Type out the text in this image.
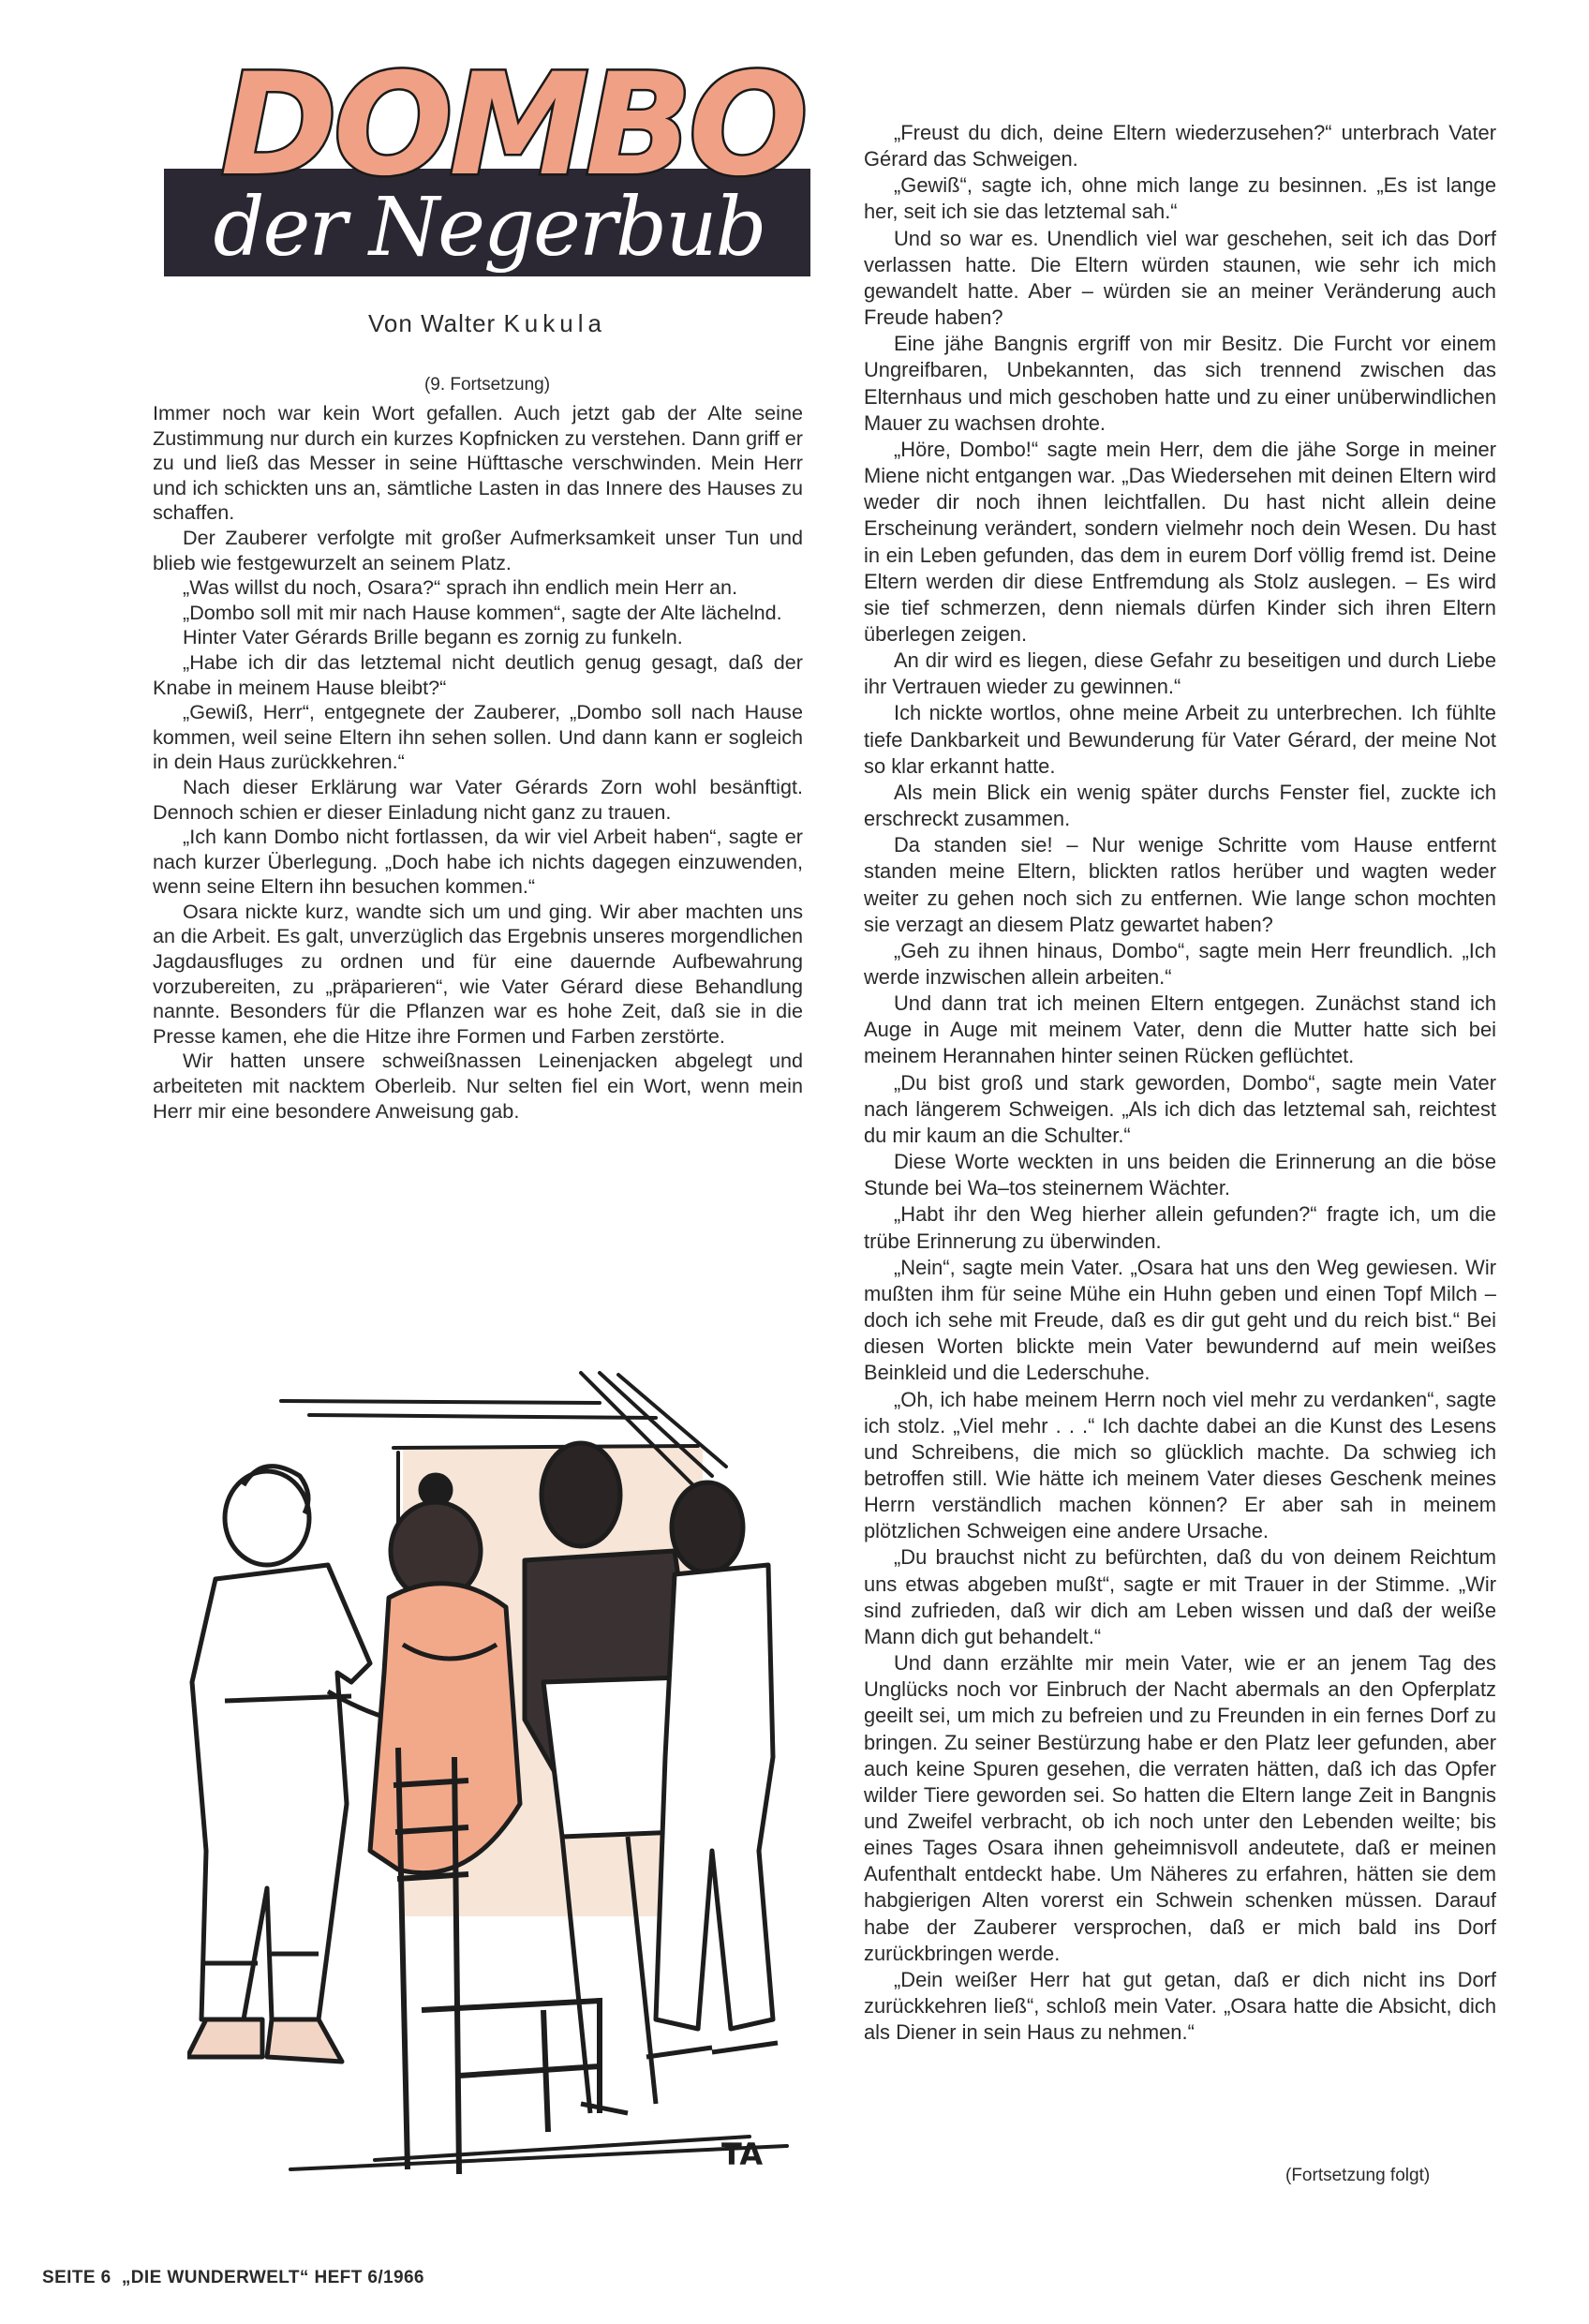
DOMBO
der Negerbub
Von Walter Kukula
(9. Fortsetzung)

Immer noch war kein Wort gefallen. Auch jetzt gab der Alte seine Zustimmung nur durch ein kurzes Kopfnicken zu verstehen. Dann griff er zu und ließ das Messer in seine Hüfttasche verschwinden. Mein Herr und ich schickten uns an, sämtliche Lasten in das Innere des Hauses zu schaffen.

Der Zauberer verfolgte mit großer Aufmerksamkeit unser Tun und blieb wie festgewurzelt an seinem Platz.

„Was willst du noch, Osara?“ sprach ihn endlich mein Herr an.

„Dombo soll mit mir nach Hause kommen“, sagte der Alte lächelnd.

Hinter Vater Gérards Brille begann es zornig zu funkeln.

„Habe ich dir das letztemal nicht deutlich genug gesagt, daß der Knabe in meinem Hause bleibt?“

„Gewiß, Herr“, entgegnete der Zauberer, „Dombo soll nach Hause kommen, weil seine Eltern ihn sehen sollen. Und dann kann er sogleich in dein Haus zurückkehren.“

Nach dieser Erklärung war Vater Gérards Zorn wohl besänftigt. Dennoch schien er dieser Einladung nicht ganz zu trauen.

„Ich kann Dombo nicht fortlassen, da wir viel Arbeit haben“, sagte er nach kurzer Überlegung. „Doch habe ich nichts dagegen einzuwenden, wenn seine Eltern ihn besuchen kommen.“

Osara nickte kurz, wandte sich um und ging. Wir aber machten uns an die Arbeit. Es galt, unverzüglich das Ergebnis unseres morgendlichen Jagdausfluges zu ordnen und für eine dauernde Aufbewahrung vorzubereiten, zu „präparieren“, wie Vater Gérard diese Behandlung nannte. Besonders für die Pflanzen war es hohe Zeit, daß sie in die Presse kamen, ehe die Hitze ihre Formen und Farben zerstörte.

Wir hatten unsere schweißnassen Leinenjacken abgelegt und arbeiteten mit nacktem Oberleib. Nur selten fiel ein Wort, wenn mein Herr mir eine besondere Anweisung gab.

TA

„Freust du dich, deine Eltern wiederzusehen?“ unterbrach Vater Gérard das Schweigen.

„Gewiß“, sagte ich, ohne mich lange zu besinnen. „Es ist lange her, seit ich sie das letztemal sah.“

Und so war es. Unendlich viel war geschehen, seit ich das Dorf verlassen hatte. Die Eltern würden staunen, wie sehr ich mich gewandelt hatte. Aber – würden sie an meiner Veränderung auch Freude haben?

Eine jähe Bangnis ergriff von mir Besitz. Die Furcht vor einem Ungreifbaren, Unbekannten, das sich trennend zwischen das Elternhaus und mich geschoben hatte und zu einer unüberwindlichen Mauer zu wachsen drohte.

„Höre, Dombo!“ sagte mein Herr, dem die jähe Sorge in meiner Miene nicht entgangen war. „Das Wiedersehen mit deinen Eltern wird weder dir noch ihnen leichtfallen. Du hast nicht allein deine Erscheinung verändert, sondern vielmehr noch dein Wesen. Du hast in ein Leben gefunden, das dem in eurem Dorf völlig fremd ist. Deine Eltern werden dir diese Entfremdung als Stolz auslegen. – Es wird sie tief schmerzen, denn niemals dürfen Kinder sich ihren Eltern überlegen zeigen.

An dir wird es liegen, diese Gefahr zu beseitigen und durch Liebe ihr Vertrauen wieder zu gewinnen.“

Ich nickte wortlos, ohne meine Arbeit zu unterbrechen. Ich fühlte tiefe Dankbarkeit und Bewunderung für Vater Gérard, der meine Not so klar erkannt hatte.

Als mein Blick ein wenig später durchs Fenster fiel, zuckte ich erschreckt zusammen.

Da standen sie! – Nur wenige Schritte vom Hause entfernt standen meine Eltern, blickten ratlos herüber und wagten weder weiter zu gehen noch sich zu entfernen. Wie lange schon mochten sie verzagt an diesem Platz gewartet haben?

„Geh zu ihnen hinaus, Dombo“, sagte mein Herr freundlich. „Ich werde inzwischen allein arbeiten.“

Und dann trat ich meinen Eltern entgegen. Zunächst stand ich Auge in Auge mit meinem Vater, denn die Mutter hatte sich bei meinem Herannahen hinter seinen Rücken geflüchtet.

„Du bist groß und stark geworden, Dombo“, sagte mein Vater nach längerem Schweigen. „Als ich dich das letztemal sah, reichtest du mir kaum an die Schulter.“

Diese Worte weckten in uns beiden die Erinnerung an die böse Stunde bei Wa–tos steinernem Wächter.

„Habt ihr den Weg hierher allein gefunden?“ fragte ich, um die trübe Erinnerung zu überwinden.

„Nein“, sagte mein Vater. „Osara hat uns den Weg gewiesen. Wir mußten ihm für seine Mühe ein Huhn geben und einen Topf Milch – doch ich sehe mit Freude, daß es dir gut geht und du reich bist.“ Bei diesen Worten blickte mein Vater bewundernd auf mein weißes Beinkleid und die Lederschuhe.

„Oh, ich habe meinem Herrn noch viel mehr zu verdanken“, sagte ich stolz. „Viel mehr . . .“ Ich dachte dabei an die Kunst des Lesens und Schreibens, die mich so glücklich machte. Da schwieg ich betroffen still. Wie hätte ich meinem Vater dieses Geschenk meines Herrn verständlich machen können? Er aber sah in meinem plötzlichen Schweigen eine andere Ursache.

„Du brauchst nicht zu befürchten, daß du von deinem Reichtum uns etwas abgeben mußt“, sagte er mit Trauer in der Stimme. „Wir sind zufrieden, daß wir dich am Leben wissen und daß der weiße Mann dich gut behandelt.“

Und dann erzählte mir mein Vater, wie er an jenem Tag des Unglücks noch vor Einbruch der Nacht abermals an den Opferplatz geeilt sei, um mich zu befreien und zu Freunden in ein fernes Dorf zu bringen. Zu seiner Bestürzung habe er den Platz leer gefunden, aber auch keine Spuren gesehen, die verraten hätten, daß ich das Opfer wilder Tiere geworden sei. So hatten die Eltern lange Zeit in Bangnis und Zweifel verbracht, ob ich noch unter den Lebenden weilte; bis eines Tages Osara ihnen geheimnisvoll andeutete, daß er meinen Aufenthalt entdeckt habe. Um Näheres zu erfahren, hätten sie dem habgierigen Alten vorerst ein Schwein schenken müssen. Darauf habe der Zauberer versprochen, daß er mich bald ins Dorf zurückbringen werde.

„Dein weißer Herr hat gut getan, daß er dich nicht ins Dorf zurückkehren ließ“, schloß mein Vater. „Osara hatte die Absicht, dich als Diener in sein Haus zu nehmen.“

(Fortsetzung folgt)
SEITE 6  „DIE WUNDERWELT“ HEFT 6/1966
